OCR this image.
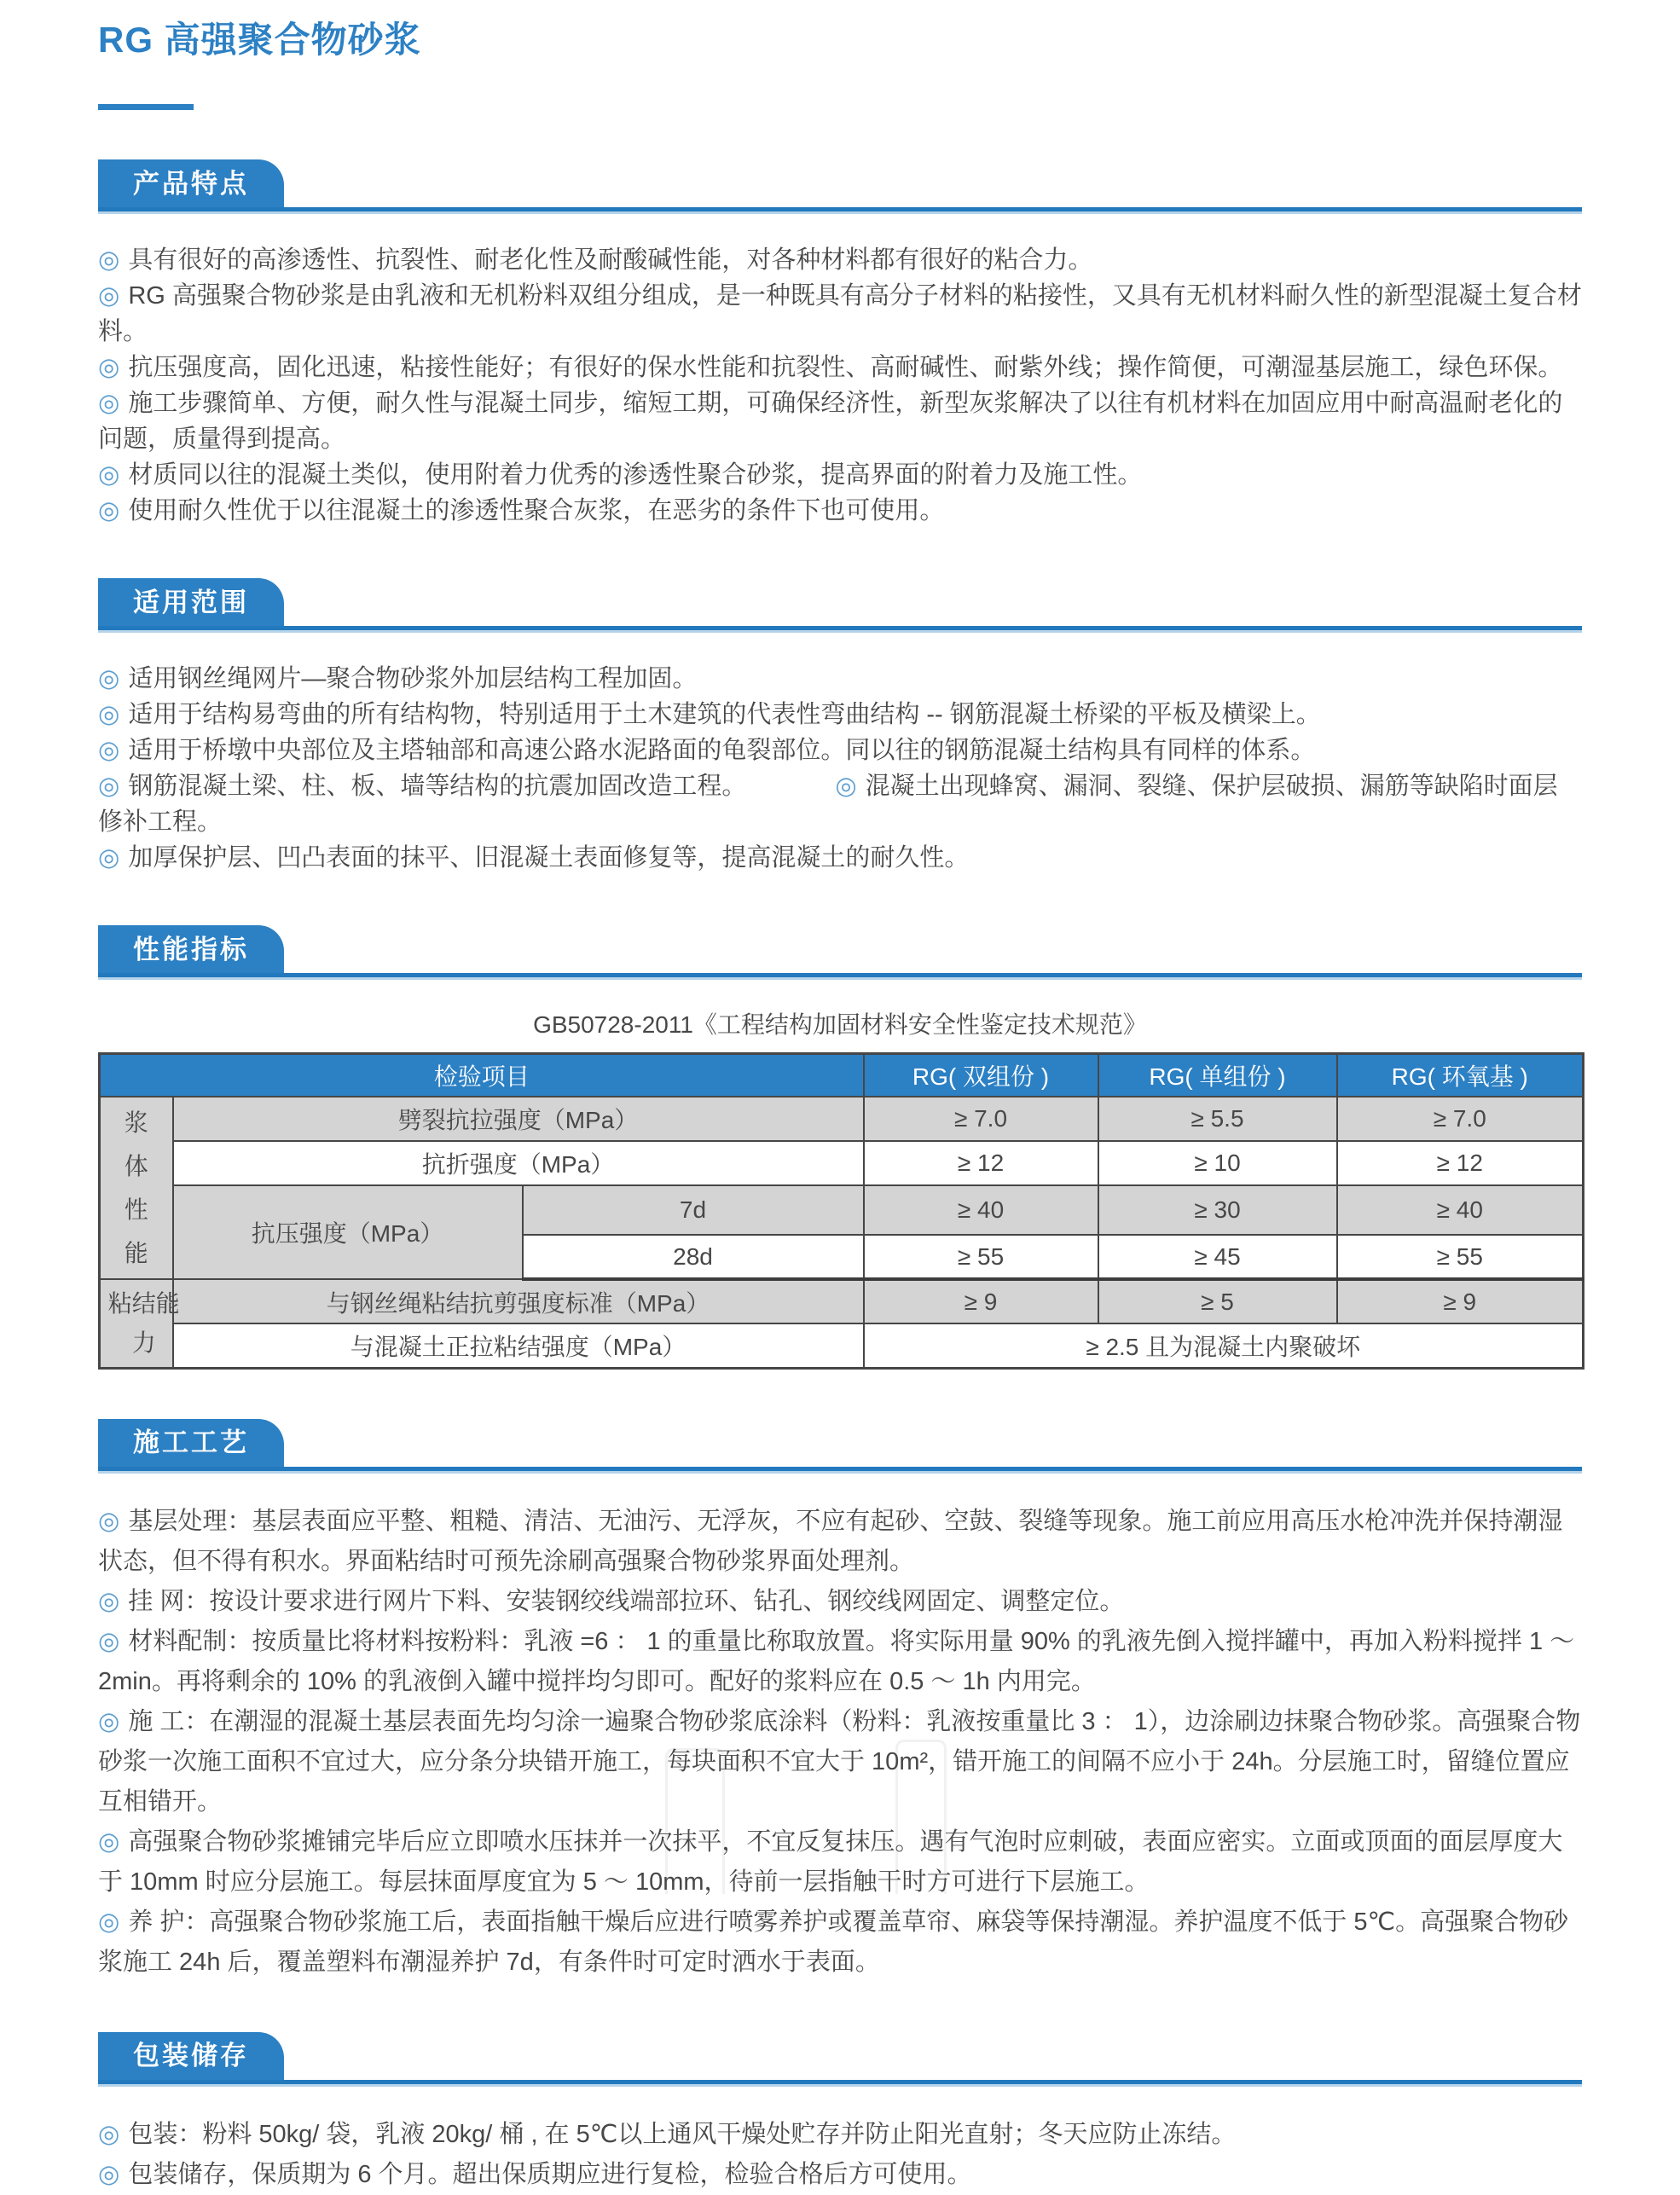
RG 高强聚合物砂浆
产品特点

◎ 具有很好的高渗透性、抗裂性、耐老化性及耐酸碱性能，对各种材料都有很好的粘合力。

◎ RG 高强聚合物砂浆是由乳液和无机粉料双组分组成，是一种既具有高分子材料的粘接性，又具有无机材料耐久性的新型混凝土复合材料。

◎ 抗压强度高，固化迅速，粘接性能好；有很好的保水性能和抗裂性、高耐碱性、耐紫外线；操作简便，可潮湿基层施工，绿色环保。

◎ 施工步骤简单、方便，耐久性与混凝土同步，缩短工期，可确保经济性，新型灰浆解决了以往有机材料在加固应用中耐高温耐老化的问题，质量得到提高。

◎ 材质同以往的混凝土类似，使用附着力优秀的渗透性聚合砂浆，提高界面的附着力及施工性。

◎ 使用耐久性优于以往混凝土的渗透性聚合灰浆，在恶劣的条件下也可使用。

适用范围

◎ 适用钢丝绳网片—聚合物砂浆外加层结构工程加固。

◎ 适用于结构易弯曲的所有结构物，特别适用于土木建筑的代表性弯曲结构 -- 钢筋混凝土桥梁的平板及横梁上。

◎ 适用于桥墩中央部位及主塔轴部和高速公路水泥路面的龟裂部位。同以往的钢筋混凝土结构具有同样的体系。

◎ 钢筋混凝土梁、柱、板、墙等结构的抗震加固改造工程。	◎ 混凝土出现蜂窝、漏洞、裂缝、保护层破损、漏筋等缺陷时面层修补工程。

◎ 加厚保护层、凹凸表面的抹平、旧混凝土表面修复等，提高混凝土的耐久性。

性能指标

GB50728-2011《工程结构加固材料安全性鉴定技术规范》

检验项目			RG( 双组份 )	RG( 单组份 )	RG( 环氧基 )

浆体性能	劈裂抗拉强度（MPa）		≥ 7.0	≥ 5.5	≥ 7.0
	抗折强度（MPa）		≥ 12	≥ 10	≥ 12
	抗压强度（MPa）	7d	≥ 40	≥ 30	≥ 40
		28d	≥ 55	≥ 45	≥ 55

粘结能力	与钢丝绳粘结抗剪强度标准（MPa）		≥ 9	≥ 5	≥ 9
	与混凝土正拉粘结强度（MPa）		≥ 2.5 且为混凝土内聚破坏		
施工工艺

◎ 基层处理：基层表面应平整、粗糙、清洁、无油污、无浮灰，不应有起砂、空鼓、裂缝等现象。施工前应用高压水枪冲洗并保持潮湿状态，但不得有积水。界面粘结时可预先涂刷高强聚合物砂浆界面处理剂。

◎ 挂 网：按设计要求进行网片下料、安装钢绞线端部拉环、钻孔、钢绞线网固定、调整定位。

◎ 材料配制：按质量比将材料按粉料：乳液 =6 ： 1 的重量比称取放置。将实际用量 90% 的乳液先倒入搅拌罐中，再加入粉料搅拌 1 ～ 2min。再将剩余的 10% 的乳液倒入罐中搅拌均匀即可。配好的浆料应在 0.5 ～ 1h 内用完。

◎ 施 工：在潮湿的混凝土基层表面先均匀涂一遍聚合物砂浆底涂料（粉料：乳液按重量比 3 ： 1），边涂刷边抹聚合物砂浆。高强聚合物砂浆一次施工面积不宜过大，应分条分块错开施工，每块面积不宜大于 10m²，错开施工的间隔不应小于 24h。分层施工时，留缝位置应互相错开。

◎ 高强聚合物砂浆摊铺完毕后应立即喷水压抹并一次抹平，不宜反复抹压。遇有气泡时应刺破，表面应密实。立面或顶面的面层厚度大于 10mm 时应分层施工。每层抹面厚度宜为 5 ～ 10mm，待前一层指触干时方可进行下层施工。

◎ 养 护：高强聚合物砂浆施工后，表面指触干燥后应进行喷雾养护或覆盖草帘、麻袋等保持潮湿。养护温度不低于 5℃。高强聚合物砂浆施工 24h 后，覆盖塑料布潮湿养护 7d，有条件时可定时洒水于表面。

包装储存

◎ 包装：粉料 50kg/ 袋，乳液 20kg/ 桶 , 在 5℃以上通风干燥处贮存并防止阳光直射；冬天应防止冻结。

◎ 包装储存，保质期为 6 个月。超出保质期应进行复检，检验合格后方可使用。
